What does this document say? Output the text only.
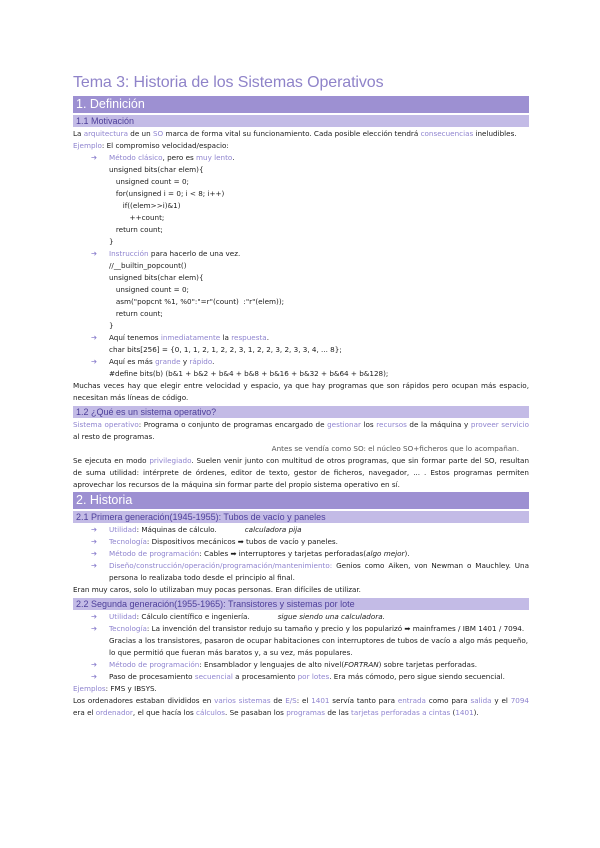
Tema 3: Historia de los Sistemas Operativos
1. Definición
1.1 Motivación

La arquitectura de un SO marca de forma vital su funcionamiento. Cada posible elección tendrá consecuencias ineludibles.

Ejemplo: El compromiso velocidad/espacio:

➔ Método clásico, pero es muy lento.
unsigned bits(char elem){
unsigned count = 0;
for(unsigned i = 0; i < 8; i++)
if((elem>>i)&1)
++count;
return count;
}
➔ Instrucción para hacerlo de una vez.
//__builtin_popcount()
unsigned bits(char elem){
unsigned count = 0;
asm("popcnt %1, %0":"=r"(count)  :"r"(elem));
return count;
}
➔ Aquí tenemos inmediatamente la respuesta.
char bits[256] = {0, 1, 1, 2, 1, 2, 2, 3, 1, 2, 2, 3, 2, 3, 3, 4, ... 8};
➔ Aquí es más grande y rápido.
#define bits(b) (b&1 + b&2 + b&4 + b&8 + b&16 + b&32 + b&64 + b&128);

Muchas veces hay que elegir entre velocidad y espacio, ya que hay programas que son rápidos pero ocupan más espacio, necesitan más líneas de código.

1.2 ¿Qué es un sistema operativo?

Sistema operativo: Programa o conjunto de programas encargado de gestionar los recursos de la máquina y proveer servicio al resto de programas.

Antes se vendía como SO: el núcleo SO+ficheros que lo acompañan.

Se ejecuta en modo privilegiado. Suelen venir junto con multitud de otros programas, que sin formar parte del SO, resultan de suma utilidad: intérprete de órdenes, editor de texto, gestor de ficheros, navegador, ... . Estos programas permiten aprovechar los recursos de la máquina sin formar parte del propio sistema operativo en sí.

2. Historia
2.1 Primera generación(1945-1955): Tubos de vacío y paneles
➔ Utilidad: Máquinas de cálculo.	calculadora pija
➔ Tecnología: Dispositivos mecánicos ➡ tubos de vacío y paneles.
➔ Método de programación: Cables ➡ interruptores y tarjetas perforadas(algo mejor).
➔ Diseño/construcción/operación/programación/mantenimiento: Genios como Aiken, von Newman o Mauchley. Una persona lo realizaba todo desde el principio al final.

Eran muy caros, solo lo utilizaban muy pocas personas. Eran difíciles de utilizar.

2.2 Segunda generación(1955-1965): Transistores y sistemas por lote
➔ Utilidad: Cálculo científico e ingeniería.	sigue siendo una calculadora.
➔ Tecnología: La invención del transistor redujo su tamaño y precio y los popularizó ➡ mainframes / IBM 1401 / 7094.
Gracias a los transistores, pasaron de ocupar habitaciones con interruptores de tubos de vacío a algo más pequeño, lo que permitió que fueran más baratos y, a su vez, más populares.
➔ Método de programación: Ensamblador y lenguajes de alto nivel(FORTRAN) sobre tarjetas perforadas.
➔ Paso de procesamiento secuencial a procesamiento por lotes. Era más cómodo, pero sigue siendo secuencial.

Ejemplos: FMS y IBSYS.

Los ordenadores estaban divididos en varios sistemas de E/S: el 1401 servía tanto para entrada como para salida y el 7094 era el ordenador, el que hacía los cálculos. Se pasaban los programas de las tarjetas perforadas a cintas (1401).
